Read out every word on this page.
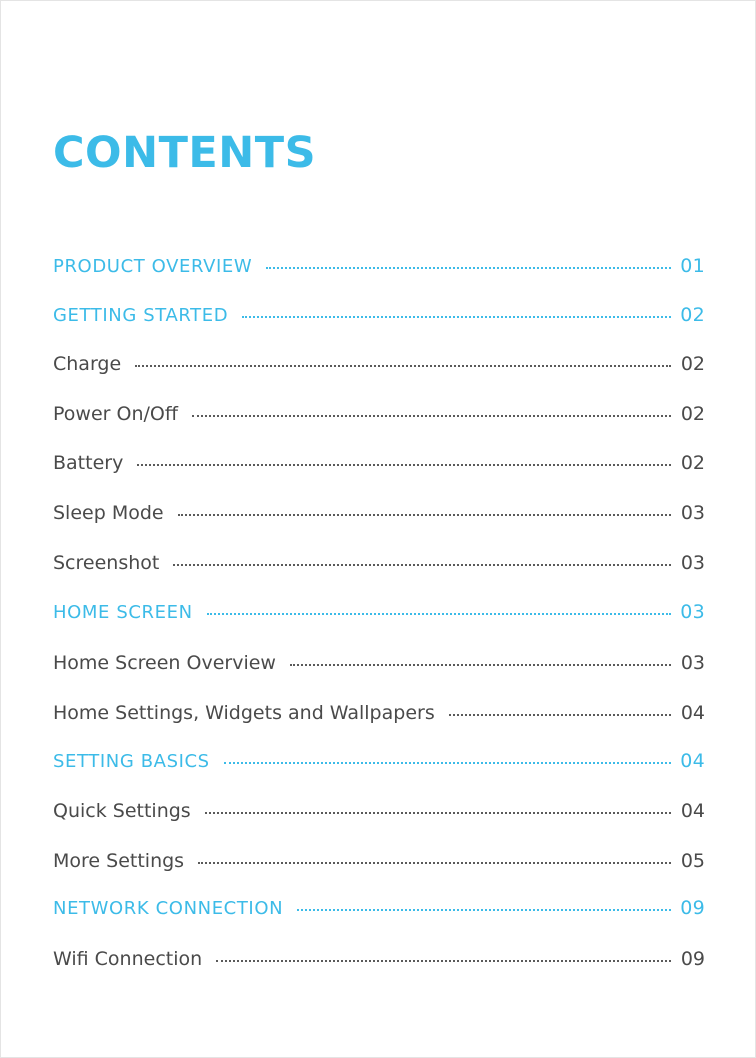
CONTENTS
PRODUCT OVERVIEW	01
GETTING STARTED	02
Charge	02
Power On/Off	02
Battery	02
Sleep Mode	03
Screenshot	03
HOME SCREEN	03
Home Screen Overview	03
Home Settings, Widgets and Wallpapers	04
SETTING BASICS	04
Quick Settings	04
More Settings	05
NETWORK CONNECTION	09
Wifi Connection	09
